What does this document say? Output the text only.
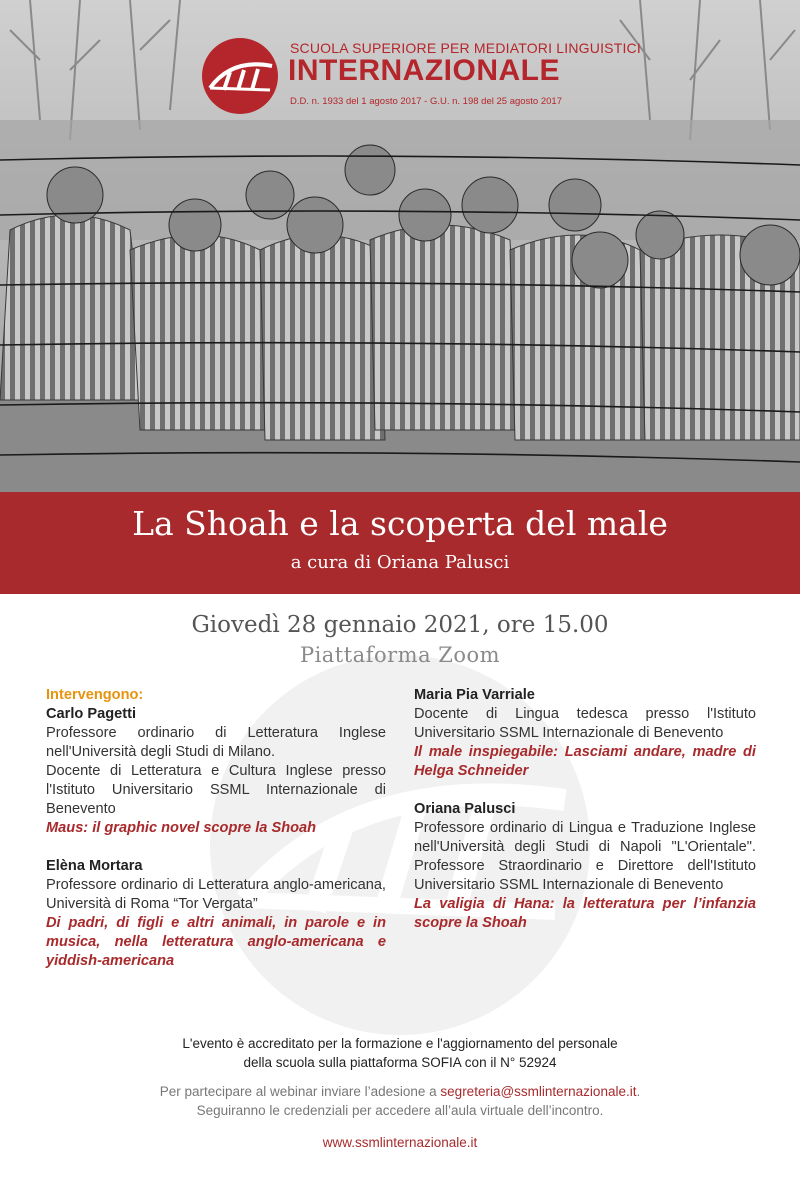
SCUOLA SUPERIORE PER MEDIATORI LINGUISTICI
INTERNAZIONALE
D.D. n. 1933 del 1 agosto 2017 - G.U. n. 198 del 25 agosto 2017
La Shoah e la scoperta del male
a cura di Oriana Palusci
Giovedì 28 gennaio 2021, ore 15.00
Piattaforma Zoom
Intervengono:
Carlo Pagetti
Professore ordinario di Letteratura Inglese nell'Università degli Studi di Milano.
Docente di Letteratura e Cultura Inglese presso l'Istituto Universitario SSML Internazionale di Benevento
Maus: il graphic novel scopre la Shoah
Elèna Mortara
Professore ordinario di Letteratura anglo-americana, Università di Roma “Tor Vergata”
Di padri, di figli e altri animali, in parole e in musica, nella letteratura anglo-americana e yiddish-americana
Maria Pia Varriale
Docente di Lingua tedesca presso l'Istituto Universitario SSML Internazionale di Benevento
Il male inspiegabile: Lasciami andare, madre di Helga Schneider
Oriana Palusci
Professore ordinario di Lingua e Traduzione Inglese nell'Università degli Studi di Napoli "L'Orientale". Professore Straordinario e Direttore dell'Istituto Universitario SSML Internazionale di Benevento
La valigia di Hana: la letteratura per l’infanzia scopre la Shoah
L'evento è accreditato per la formazione e l'aggiornamento del personale
della scuola sulla piattaforma SOFIA con il N° 52924
Per partecipare al webinar inviare l’adesione a segreteria@ssmlinternazionale.it.
Seguiranno le credenziali per accedere all’aula virtuale dell’incontro.
www.ssmlinternazionale.it
